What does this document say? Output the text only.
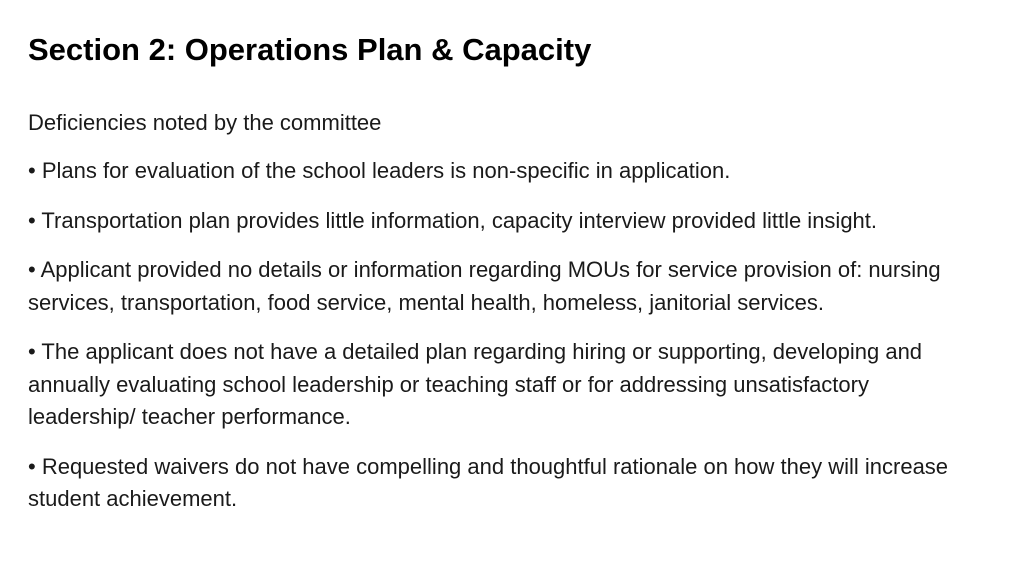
Section 2: Operations Plan & Capacity

Deficiencies noted by the committee

• Plans for evaluation of the school leaders is non-specific in application.
• Transportation plan provides little information, capacity interview provided little insight.
• Applicant provided no details or information regarding MOUs for service provision of: nursing services, transportation, food service, mental health, homeless, janitorial services.
• The applicant does not have a detailed plan regarding hiring or supporting, developing and annually evaluating school leadership or teaching staff or for addressing unsatisfactory leadership/ teacher performance.
• Requested waivers do not have compelling and thoughtful rationale on how they will increase student achievement.
